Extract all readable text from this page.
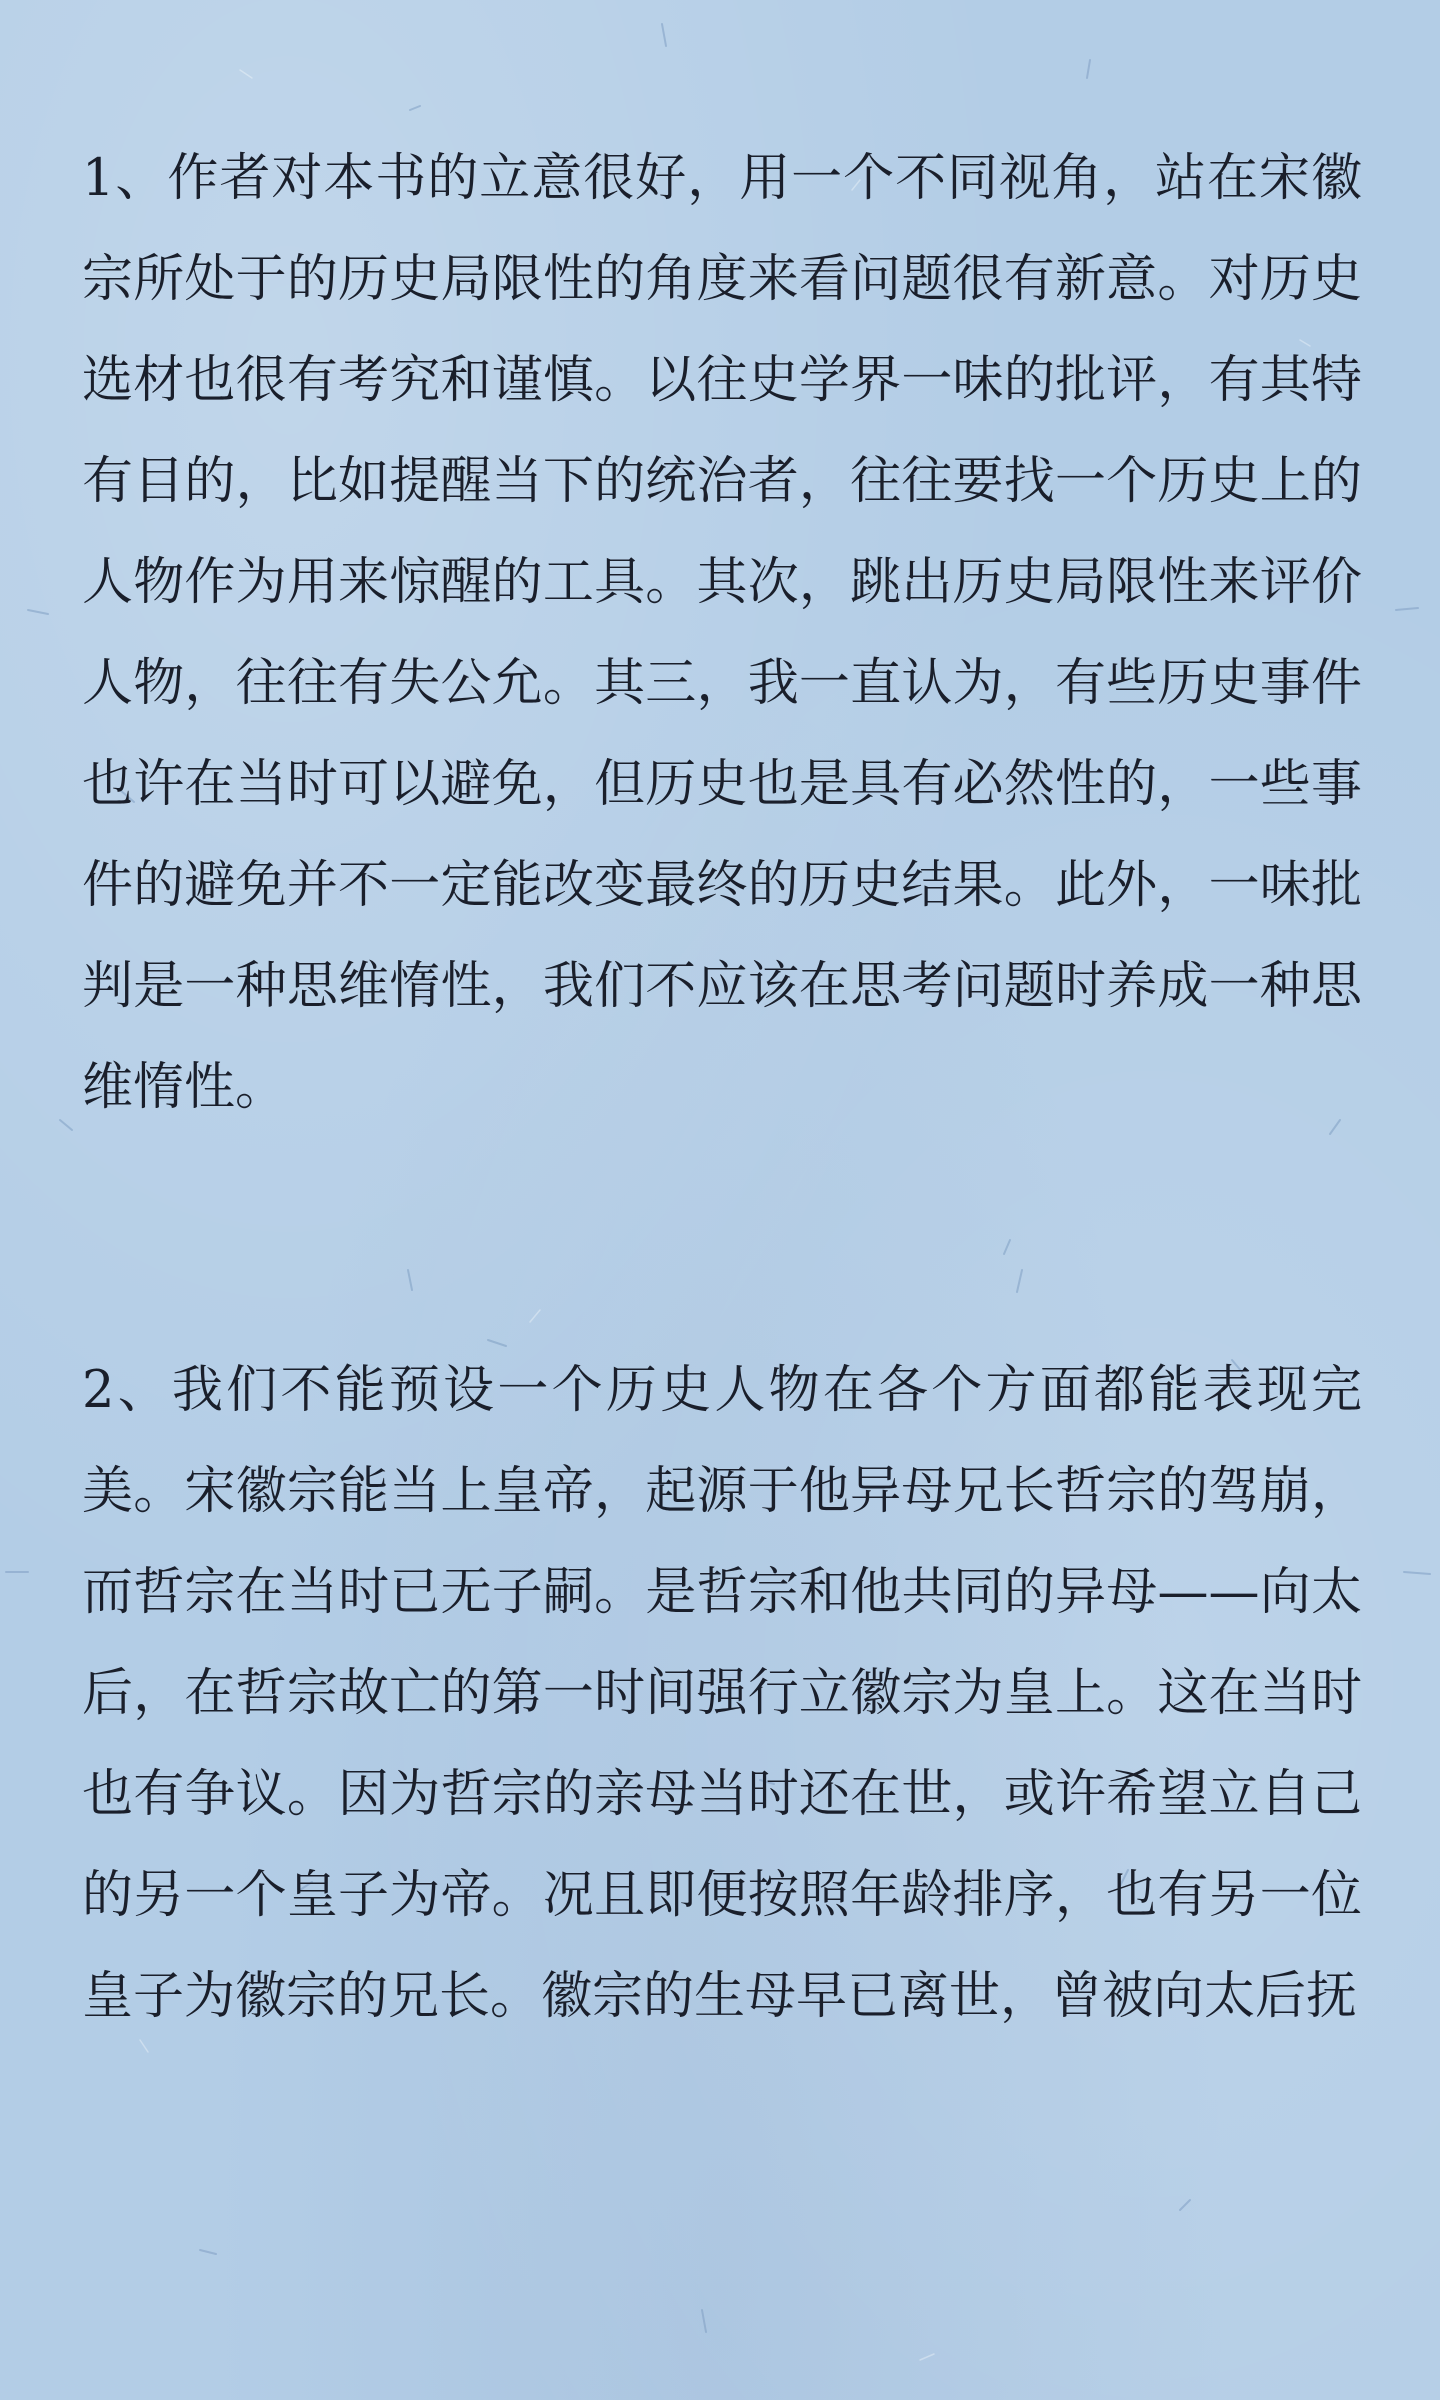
1、作者对本书的立意很好，用一个不同视角，站在宋徽宗所处于的历史局限性的角度来看问题很有新意。对历史选材也很有考究和谨慎。以往史学界一味的批评，有其特有目的，比如提醒当下的统治者，往往要找一个历史上的人物作为用来惊醒的工具。其次，跳出历史局限性来评价人物，往往有失公允。其三，我一直认为，有些历史事件也许在当时可以避免，但历史也是具有必然性的，一些事件的避免并不一定能改变最终的历史结果。此外，一味批判是一种思维惰性，我们不应该在思考问题时养成一种思维惰性。

2、我们不能预设一个历史人物在各个方面都能表现完美。宋徽宗能当上皇帝，起源于他异母兄长哲宗的驾崩，而哲宗在当时已无子嗣。是哲宗和他共同的异母——向太后，在哲宗故亡的第一时间强行立徽宗为皇上。这在当时也有争议。因为哲宗的亲母当时还在世，或许希望立自己的另一个皇子为帝。况且即便按照年龄排序，也有另一位皇子为徽宗的兄长。徽宗的生母早已离世，曾被向太后抚
